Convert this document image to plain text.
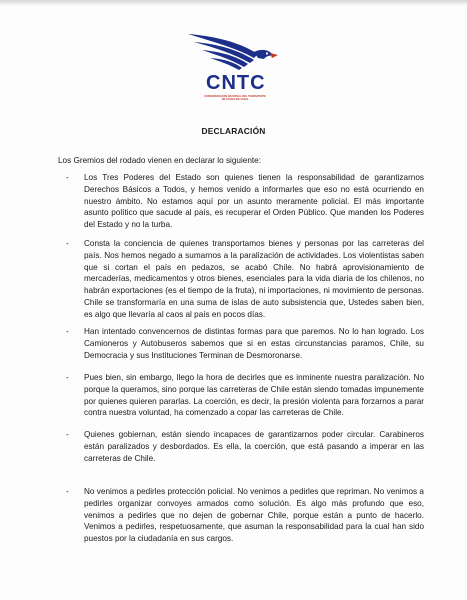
CNTC
CONFEDERACIÓN NACIONAL DEL TRANSPORTE DE CARGA DE CHILE
DECLARACIÓN
Los Gremios del rodado vienen en declarar lo siguiente:
-	Los Tres Poderes del Estado son quienes tienen la responsabilidad de garantizarnos Derechos Básicos a Todos, y hemos venido a informarles que eso no está ocurriendo en nuestro ámbito. No estamos aquí por un asunto meramente policial. El más importante asunto político que sacude al país, es recuperar el Orden Público. Que manden los Poderes del Estado y no la turba.
-	Consta la conciencia de quienes transportamos bienes y personas por las carreteras del país. Nos hemos negado a sumarnos a la paralización de actividades. Los violentistas saben que si cortan el país en pedazos, se acabó Chile. No habrá aprovisionamiento de mercaderías, medicamentos y otros bienes, esenciales para la vida diaria de los chilenos, no habrán exportaciones (es el tiempo de la fruta), ni importaciones, ni movimiento de personas. Chile se transformaría en una suma de islas de auto subsistencia que, Ustedes saben bien, es algo que llevaría al caos al país en pocos días.
-	Han intentado convencernos de distintas formas para que paremos. No lo han logrado. Los Camioneros y Autobuseros sabemos que si en estas circunstancias paramos, Chile, su Democracia y sus Instituciones Terminan de Desmoronarse.
-	Pues bien, sin embargo, llego la hora de decirles que es inminente nuestra paralización. No porque la queramos, sino porque las carreteras de Chile están siendo tomadas impunemente por quienes quieren pararlas. La coerción, es decir, la presión violenta para forzarnos a parar contra nuestra voluntad, ha comenzado a copar las carreteras de Chile.
-	Quienes gobiernan, están siendo incapaces de garantizarnos poder circular. Carabineros están paralizados y desbordados. Es ella, la coerción, que está pasando a imperar en las carreteras de Chile.
-	No venimos a pedirles protección policial. No venimos a pedirles que repriman. No venimos a pedirles organizar convoyes armados como solución. Es algo más profundo que eso, venimos a pedirles que no dejen de gobernar Chile, porque están a punto de hacerlo. Venimos a pedirles, respetuosamente, que asuman la responsabilidad para la cual han sido puestos por la ciudadanía en sus cargos.
